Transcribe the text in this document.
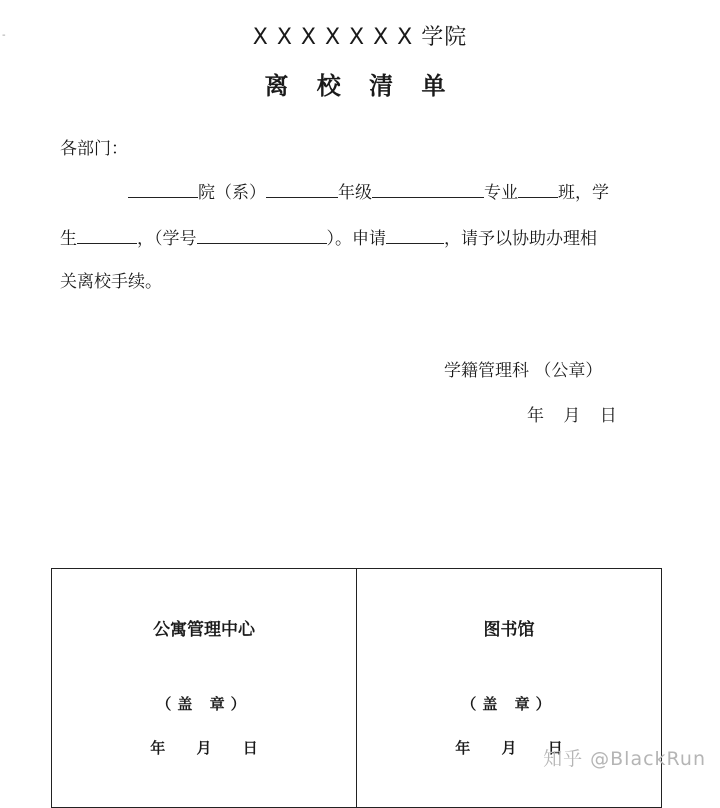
-	X X X X X X X 学院
离 校 清 单
各部门：
院（系）	年级	专业 班，学
生	，（学号	）。申请	，请予以协助办理相
关离校手续。
学籍管理科 （公章）
年 月 日
公寓管理中心
（盖 章）
年 月 日
图书馆
（盖 章）
年 月 日
知乎 @BlackRun
